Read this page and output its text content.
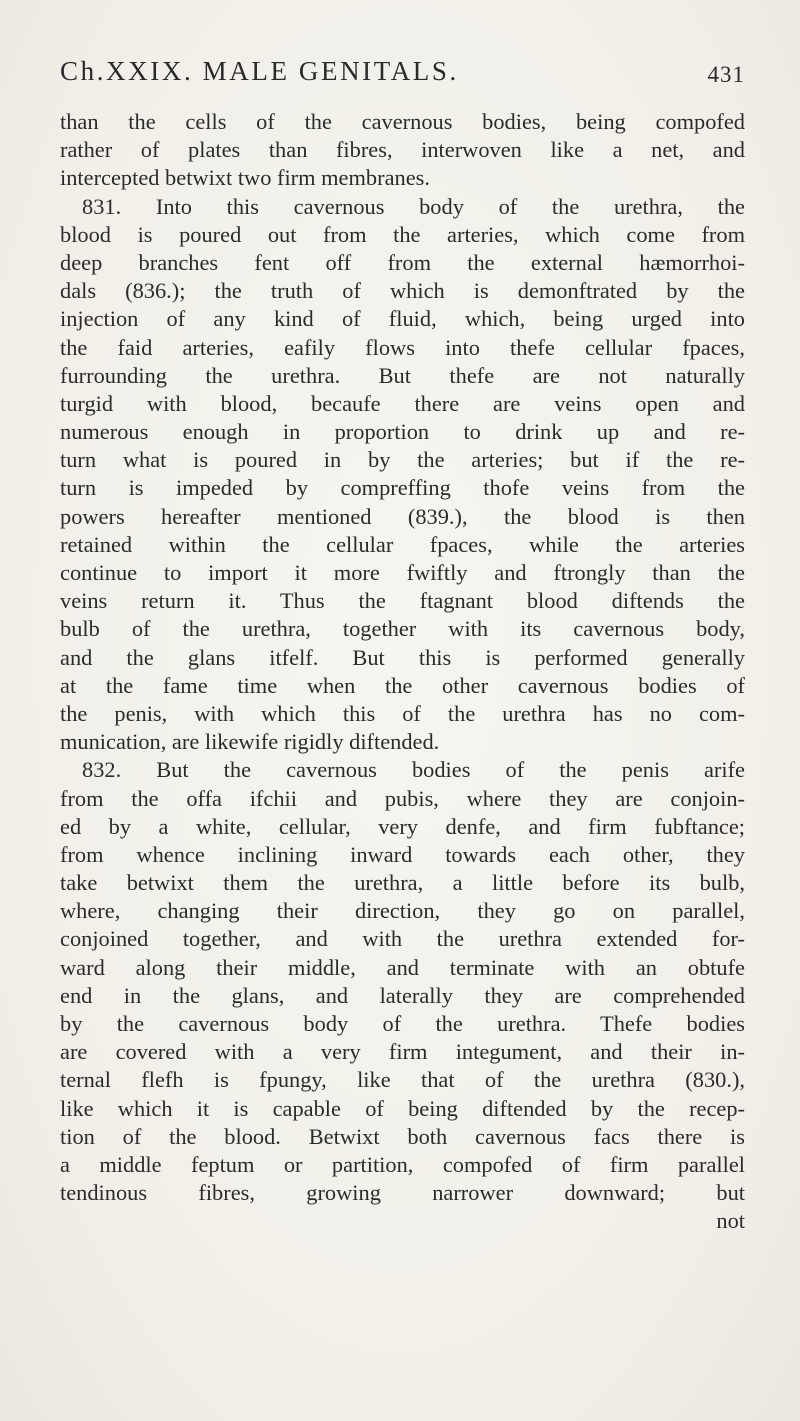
Ch.XXIX. MALE GENITALS.	431
than the cells of the cavernous bodies, being compofed
rather of plates than fibres, interwoven like a net, and
intercepted betwixt two firm membranes.
831. Into this cavernous body of the urethra, the
blood is poured out from the arteries, which come from
deep branches fent off from the external hæmorrhoi-
dals (836.); the truth of which is demonftrated by the
injection of any kind of fluid, which, being urged into
the faid arteries, eafily flows into thefe cellular fpaces,
furrounding the urethra. But thefe are not naturally
turgid with blood, becaufe there are veins open and
numerous enough in proportion to drink up and re-
turn what is poured in by the arteries; but if the re-
turn is impeded by compreffing thofe veins from the
powers hereafter mentioned (839.), the blood is then
retained within the cellular fpaces, while the arteries
continue to import it more fwiftly and ftrongly than the
veins return it. Thus the ftagnant blood diftends the
bulb of the urethra, together with its cavernous body,
and the glans itfelf. But this is performed generally
at the fame time when the other cavernous bodies of
the penis, with which this of the urethra has no com-
munication, are likewife rigidly diftended.
832. But the cavernous bodies of the penis arife
from the offa ifchii and pubis, where they are conjoin-
ed by a white, cellular, very denfe, and firm fubftance;
from whence inclining inward towards each other, they
take betwixt them the urethra, a little before its bulb,
where, changing their direction, they go on parallel,
conjoined together, and with the urethra extended for-
ward along their middle, and terminate with an obtufe
end in the glans, and laterally they are comprehended
by the cavernous body of the urethra. Thefe bodies
are covered with a very firm integument, and their in-
ternal flefh is fpungy, like that of the urethra (830.),
like which it is capable of being diftended by the recep-
tion of the blood. Betwixt both cavernous facs there is
a middle feptum or partition, compofed of firm parallel
tendinous fibres, growing narrower downward; but
not
